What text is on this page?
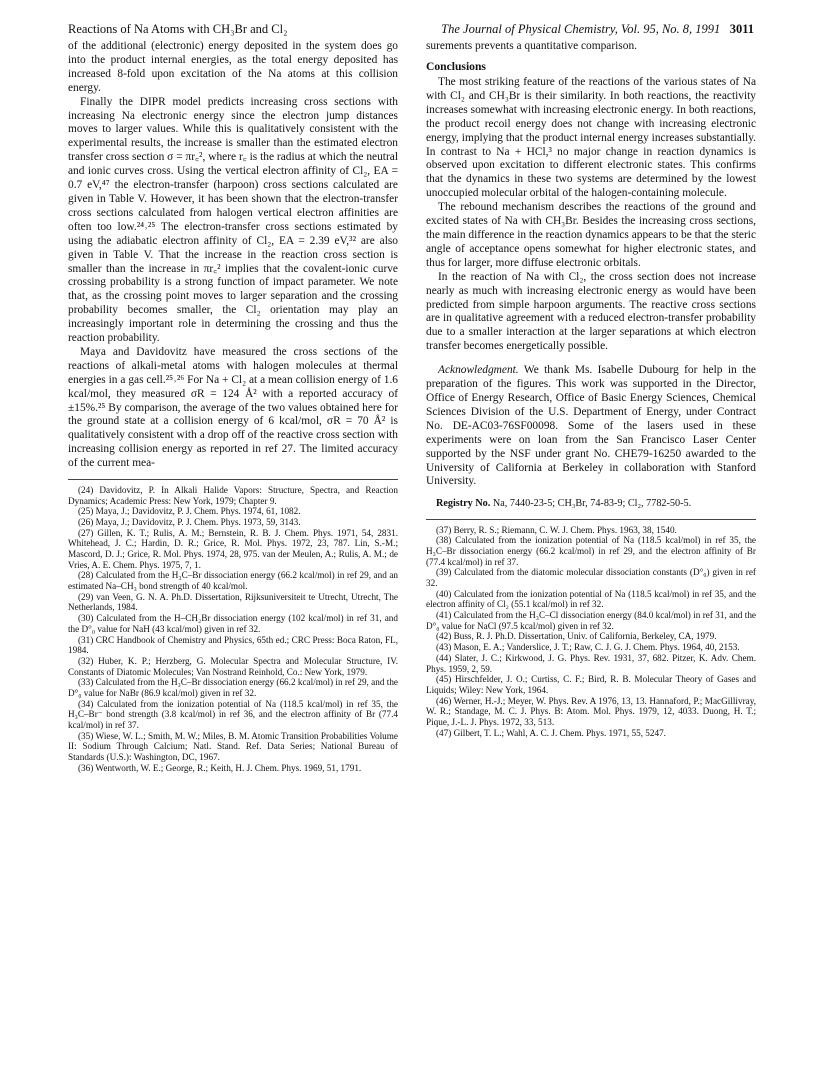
Reactions of Na Atoms with CH₃Br and Cl₂	The Journal of Physical Chemistry, Vol. 95, No. 8, 1991 3011

of the additional (electronic) energy deposited in the system does go into the product internal energies, as the total energy deposited has increased 8-fold upon excitation of the Na atoms at this collision energy.

Finally the DIPR model predicts increasing cross sections with increasing Na electronic energy since the electron jump distances moves to larger values. While this is qualitatively consistent with the experimental results, the increase is smaller than the estimated electron transfer cross section σ = πr꜀², where r꜀ is the radius at which the neutral and ionic curves cross. Using the vertical electron affinity of Cl₂, EA = 0.7 eV,⁴⁷ the electron-transfer (harpoon) cross sections calculated are given in Table V. However, it has been shown that the electron-transfer cross sections calculated from halogen vertical electron affinities are often too low.²⁴˒²⁵ The electron-transfer cross sections estimated by using the adiabatic electron affinity of Cl₂, EA = 2.39 eV,³² are also given in Table V. That the increase in the reaction cross section is smaller than the increase in πr꜀² implies that the covalent-ionic curve crossing probability is a strong function of impact parameter. We note that, as the crossing point moves to larger separation and the crossing probability becomes smaller, the Cl₂ orientation may play an increasingly important role in determining the crossing and thus the reaction probability.

Maya and Davidovitz have measured the cross sections of the reactions of alkali-metal atoms with halogen molecules at thermal energies in a gas cell.²⁵˒²⁶ For Na + Cl₂ at a mean collision energy of 1.6 kcal/mol, they measured σR = 124 Å² with a reported accuracy of ±15%.²⁵ By comparison, the average of the two values obtained here for the ground state at a collision energy of 6 kcal/mol, σR = 70 Å² is qualitatively consistent with a drop off of the reactive cross section with increasing collision energy as reported in ref 27. The limited accuracy of the current mea-

(24) Davidovitz, P. In Alkali Halide Vapors: Structure, Spectra, and Reaction Dynamics; Academic Press: New York, 1979; Chapter 9.

(25) Maya, J.; Davidovitz, P. J. Chem. Phys. 1974, 61, 1082.

(26) Maya, J.; Davidovitz, P. J. Chem. Phys. 1973, 59, 3143.

(27) Gillen, K. T.; Rulis, A. M.; Bernstein, R. B. J. Chem. Phys. 1971, 54, 2831. Whitehead, J. C.; Hardin, D. R.; Grice, R. Mol. Phys. 1972, 23, 787. Lin, S.-M.; Mascord, D. J.; Grice, R. Mol. Phys. 1974, 28, 975. van der Meulen, A.; Rulis, A. M.; de Vries, A. E. Chem. Phys. 1975, 7, 1.

(28) Calculated from the H₃C–Br dissociation energy (66.2 kcal/mol) in ref 29, and an estimated Na–CH₃ bond strength of 40 kcal/mol.

(29) van Veen, G. N. A. Ph.D. Dissertation, Rijksuniversiteit te Utrecht, Utrecht, The Netherlands, 1984.

(30) Calculated from the H–CH₂Br dissociation energy (102 kcal/mol) in ref 31, and the D°₀ value for NaH (43 kcal/mol) given in ref 32.

(31) CRC Handbook of Chemistry and Physics, 65th ed.; CRC Press: Boca Raton, FL, 1984.

(32) Huber, K. P.; Herzberg, G. Molecular Spectra and Molecular Structure, IV. Constants of Diatomic Molecules; Van Nostrand Reinhold, Co.: New York, 1979.

(33) Calculated from the H₃C–Br dissociation energy (66.2 kcal/mol) in ref 29, and the D°₀ value for NaBr (86.9 kcal/mol) given in ref 32.

(34) Calculated from the ionization potential of Na (118.5 kcal/mol) in ref 35, the H₃C–Br⁻ bond strength (3.8 kcal/mol) in ref 36, and the electron affinity of Br (77.4 kcal/mol) in ref 37.

(35) Wiese, W. L.; Smith, M. W.; Miles, B. M. Atomic Transition Probabilities Volume II: Sodium Through Calcium; Natl. Stand. Ref. Data Series; National Bureau of Standards (U.S.): Washington, DC, 1967.

(36) Wentworth, W. E.; George, R.; Keith, H. J. Chem. Phys. 1969, 51, 1791.

surements prevents a quantitative comparison.

Conclusions

The most striking feature of the reactions of the various states of Na with Cl₂ and CH₃Br is their similarity. In both reactions, the reactivity increases somewhat with increasing electronic energy. In both reactions, the product recoil energy does not change with increasing electronic energy, implying that the product internal energy increases substantially. In contrast to Na + HCl,³ no major change in reaction dynamics is observed upon excitation to different electronic states. This confirms that the dynamics in these two systems are determined by the lowest unoccupied molecular orbital of the halogen-containing molecule.

The rebound mechanism describes the reactions of the ground and excited states of Na with CH₃Br. Besides the increasing cross sections, the main difference in the reaction dynamics appears to be that the steric angle of acceptance opens somewhat for higher electronic states, and thus for larger, more diffuse electronic orbitals.

In the reaction of Na with Cl₂, the cross section does not increase nearly as much with increasing electronic energy as would have been predicted from simple harpoon arguments. The reactive cross sections are in qualitative agreement with a reduced electron-transfer probability due to a smaller interaction at the larger separations at which electron transfer becomes energetically possible.

Acknowledgment. We thank Ms. Isabelle Dubourg for help in the preparation of the figures. This work was supported in the Director, Office of Energy Research, Office of Basic Energy Sciences, Chemical Sciences Division of the U.S. Department of Energy, under Contract No. DE-AC03-76SF00098. Some of the lasers used in these experiments were on loan from the San Francisco Laser Center supported by the NSF under grant No. CHE79-16250 awarded to the University of California at Berkeley in collaboration with Stanford University.

Registry No. Na, 7440-23-5; CH₃Br, 74-83-9; Cl₂, 7782-50-5.

(37) Berry, R. S.; Riemann, C. W. J. Chem. Phys. 1963, 38, 1540.

(38) Calculated from the ionization potential of Na (118.5 kcal/mol) in ref 35, the H₃C–Br dissociation energy (66.2 kcal/mol) in ref 29, and the electron affinity of Br (77.4 kcal/mol) in ref 37.

(39) Calculated from the diatomic molecular dissociation constants (D°₀) given in ref 32.

(40) Calculated from the ionization potential of Na (118.5 kcal/mol) in ref 35, and the electron affinity of Cl₂ (55.1 kcal/mol) in ref 32.

(41) Calculated from the H₃C–Cl dissociation energy (84.0 kcal/mol) in ref 31, and the D°₀ value for NaCl (97.5 kcal/mol) given in ref 32.

(42) Buss, R. J. Ph.D. Dissertation, Univ. of California, Berkeley, CA, 1979.

(43) Mason, E. A.; Vanderslice, J. T.; Raw, C. J. G. J. Chem. Phys. 1964, 40, 2153.

(44) Slater, J. C.; Kirkwood, J. G. Phys. Rev. 1931, 37, 682. Pitzer, K. Adv. Chem. Phys. 1959, 2, 59.

(45) Hirschfelder, J. O.; Curtiss, C. F.; Bird, R. B. Molecular Theory of Gases and Liquids; Wiley: New York, 1964.

(46) Werner, H.-J.; Meyer, W. Phys. Rev. A 1976, 13, 13. Hannaford, P.; MacGillivray, W. R.; Standage, M. C. J. Phys. B: Atom. Mol. Phys. 1979, 12, 4033. Duong, H. T.; Pique, J.-L. J. Phys. 1972, 33, 513.

(47) Gilbert, T. L.; Wahl, A. C. J. Chem. Phys. 1971, 55, 5247.
